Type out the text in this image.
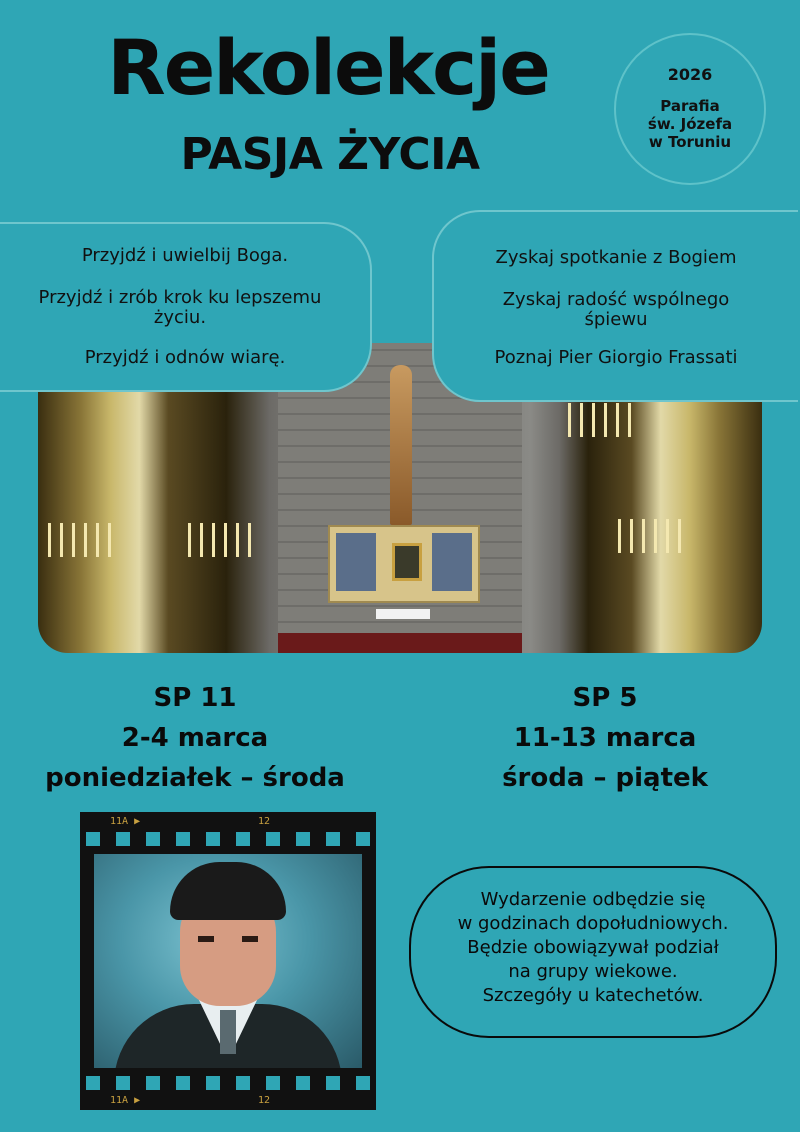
Rekolekcje
PASJA ŻYCIA
2026
Parafia
św. Józefa
w Toruniu

Przyjdź i uwielbij Boga.

Przyjdź i zrób krok ku lepszemu życiu.

Przyjdź i odnów wiarę.

Zyskaj spotkanie z Bogiem

Zyskaj radość wspólnego śpiewu

Poznaj Pier Giorgio Frassati

SP 11
2-4 marca
poniedziałek – środa
SP 5
11-13 marca
środa – piątek
11A ▶	12
11A ▶	12
Wydarzenie odbędzie się
w godzinach dopołudniowych.
Będzie obowiązywał podział
na grupy wiekowe.
Szczegóły u katechetów.
